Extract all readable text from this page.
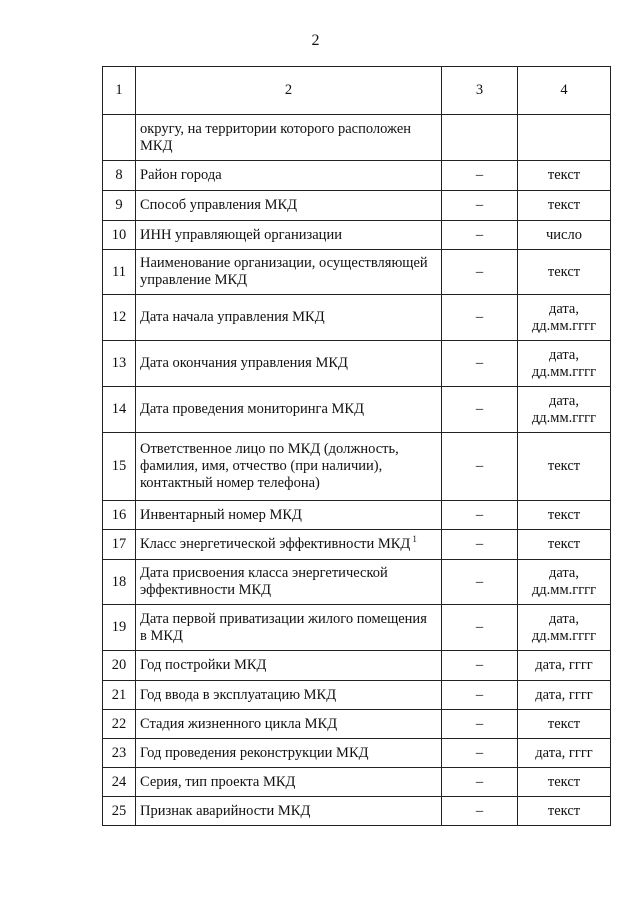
2
1	2	3	4
	округу, на территории которого расположен МКД		
8	Район города	–	текст
9	Способ управления МКД	–	текст
10	ИНН управляющей организации	–	число
11	Наименование организации, осуществляющей управление МКД	–	текст
12	Дата начала управления МКД	–	дата, дд.мм.гггг
13	Дата окончания управления МКД	–	дата, дд.мм.гггг
14	Дата проведения мониторинга МКД	–	дата, дд.мм.гггг
15	Ответственное лицо по МКД (должность, фамилия, имя, отчество (при наличии), контактный номер телефона)	–	текст
16	Инвентарный номер МКД	–	текст
17	Класс энергетической эффективности МКД $^1$	–	текст
18	Дата присвоения класса энергетической эффективности МКД	–	дата, дд.мм.гггг
19	Дата первой приватизации жилого помещения в МКД	–	дата, дд.мм.гггг
20	Год постройки МКД	–	дата, гггг
21	Год ввода в эксплуатацию МКД	–	дата, гггг
22	Стадия жизненного цикла МКД	–	текст
23	Год проведения реконструкции МКД	–	дата, гггг
24	Серия, тип проекта МКД	–	текст
25	Признак аварийности МКД	–	текст
